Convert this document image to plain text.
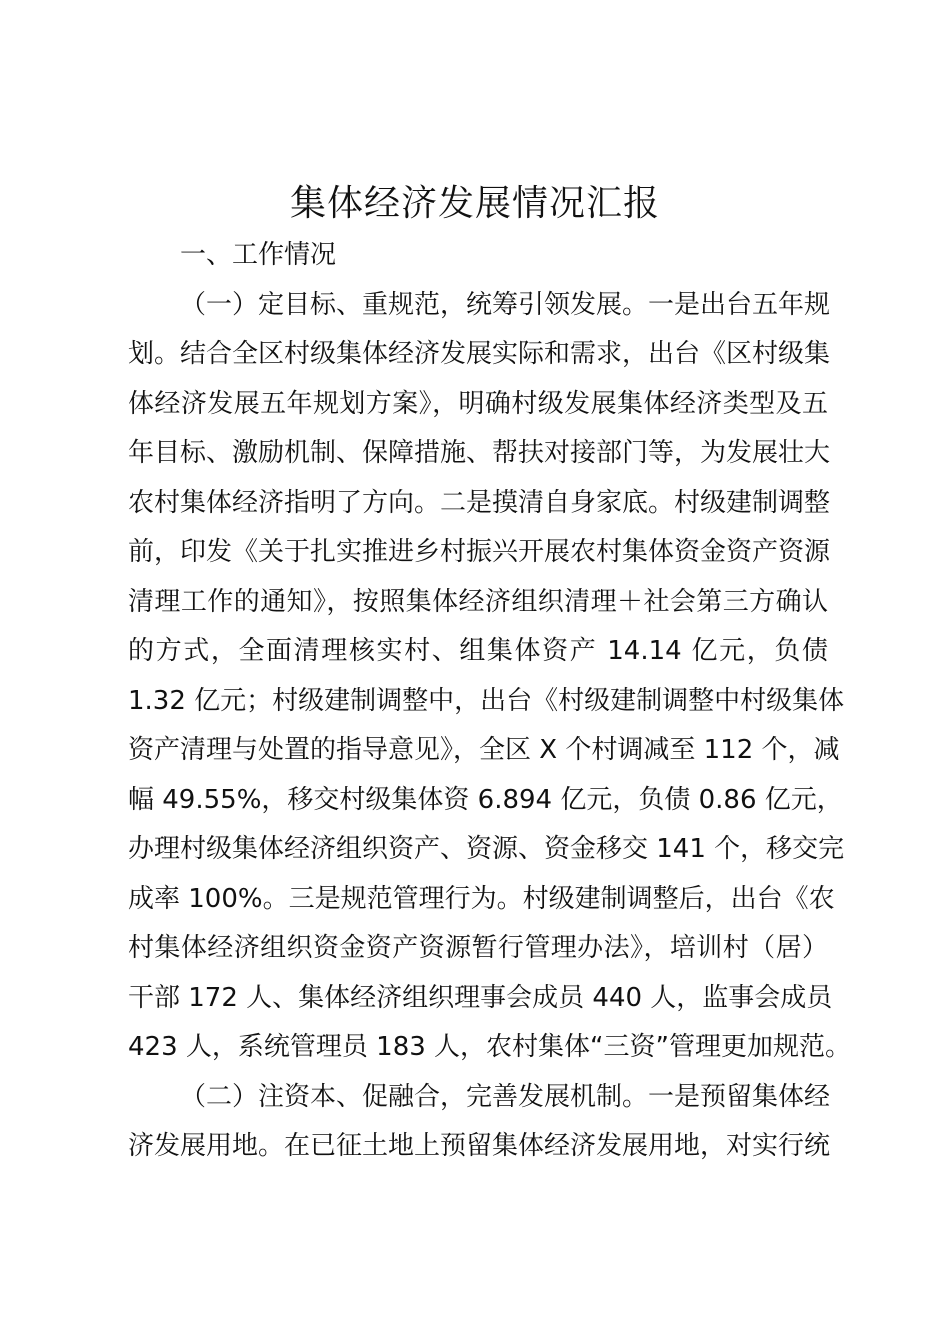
集体经济发展情况汇报
一、工作情况
（一）定目标、重规范，统筹引领发展。一是出台五年规
划。结合全区村级集体经济发展实际和需求，出台《区村级集
体经济发展五年规划方案》，明确村级发展集体经济类型及五
年目标、激励机制、保障措施、帮扶对接部门等，为发展壮大
农村集体经济指明了方向。二是摸清自身家底。村级建制调整
前，印发《关于扎实推进乡村振兴开展农村集体资金资产资源
清理工作的通知》，按照集体经济组织清理＋社会第三方确认
的方式，全面清理核实村、组集体资产 14.14 亿元，负债
1.32 亿元；村级建制调整中，出台《村级建制调整中村级集体
资产清理与处置的指导意见》，全区 X 个村调减至 112 个，减
幅 49.55%，移交村级集体资 6.894 亿元，负债 0.86 亿元，
办理村级集体经济组织资产、资源、资金移交 141 个，移交完
成率 100%。三是规范管理行为。村级建制调整后，出台《农
村集体经济组织资金资产资源暂行管理办法》，培训村（居）
干部 172 人、集体经济组织理事会成员 440 人，监事会成员
423 人，系统管理员 183 人，农村集体“三资”管理更加规范。
（二）注资本、促融合，完善发展机制。一是预留集体经
济发展用地。在已征土地上预留集体经济发展用地，对实行统
